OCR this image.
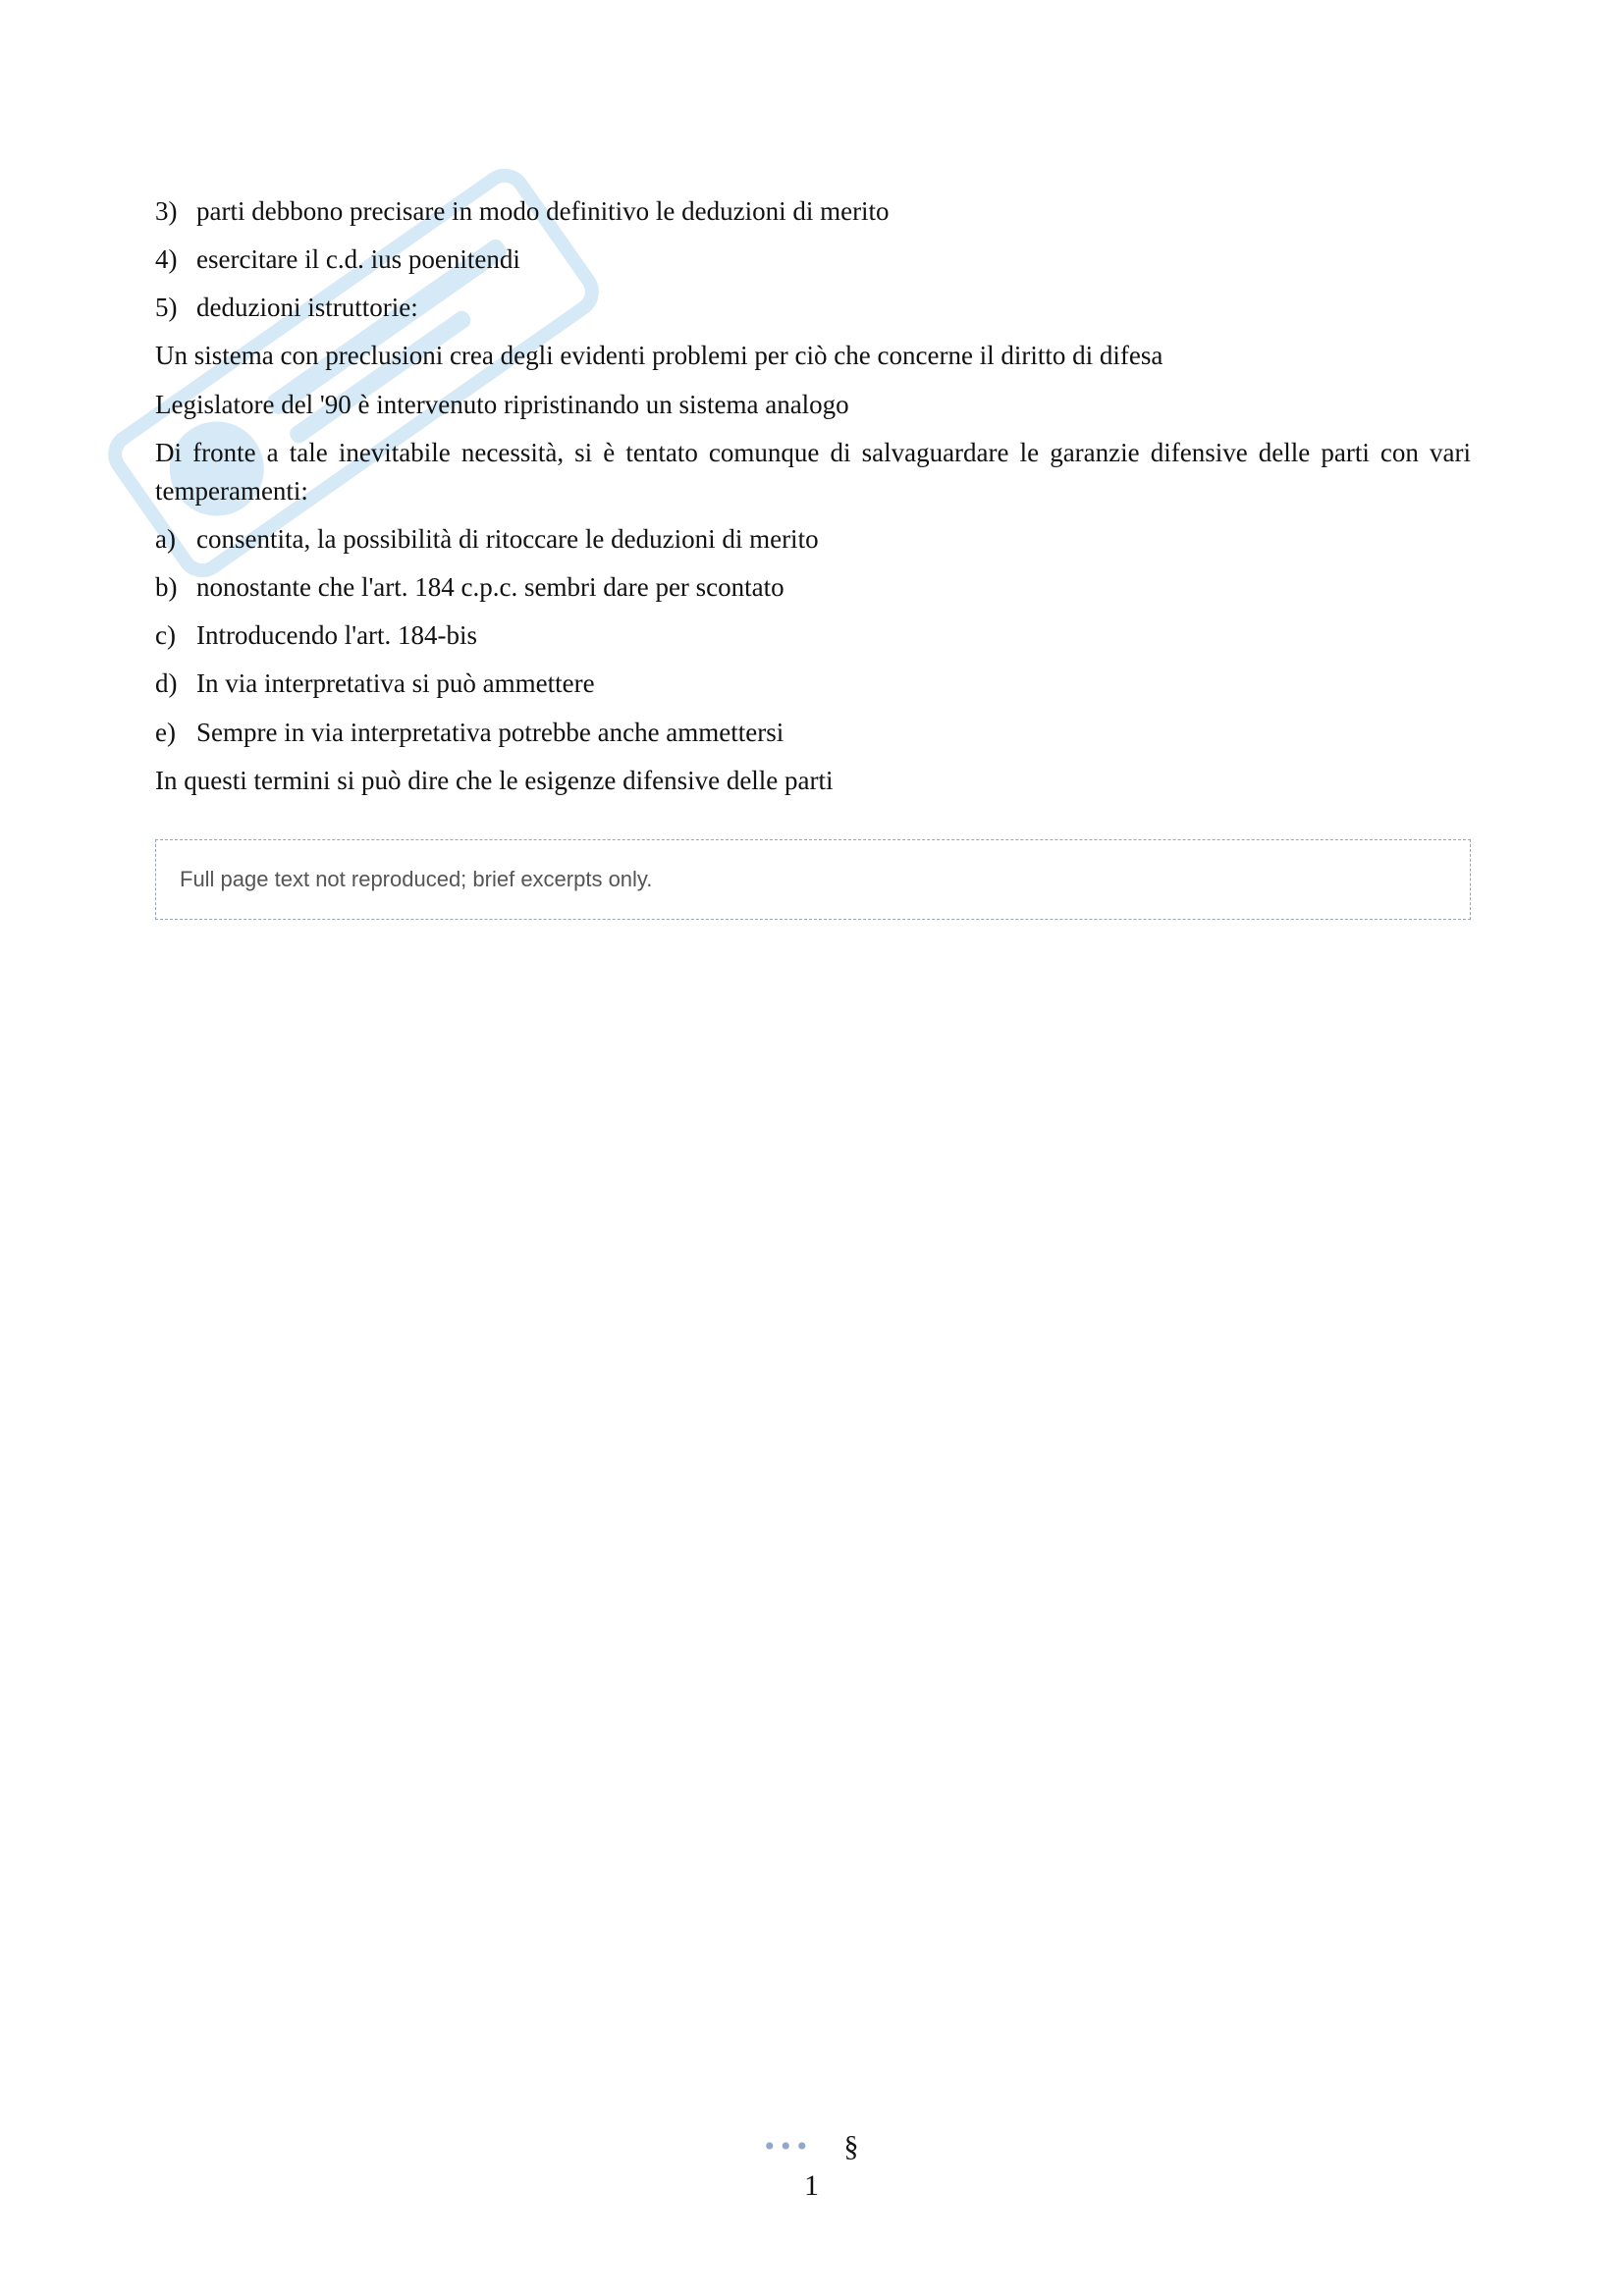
3) parti debbono precisare in modo definitivo le deduzioni di merito
4) esercitare il c.d. ius poenitendi
5) deduzioni istruttorie:

Un sistema con preclusioni crea degli evidenti problemi per ciò che concerne il diritto di difesa

Legislatore del '90 è intervenuto ripristinando un sistema analogo

Di fronte a tale inevitabile necessità, si è tentato comunque di salvaguardare le garanzie difensive delle parti con vari temperamenti:

a) consentita, la possibilità di ritoccare le deduzioni di merito
b) nonostante che l'art. 184 c.p.c. sembri dare per scontato
c) Introducendo l'art. 184-bis
d) In via interpretativa si può ammettere
e) Sempre in via interpretativa potrebbe anche ammettersi

In questi termini si può dire che le esigenze difensive delle parti

Full page text not reproduced; brief excerpts only.
••• §
1
